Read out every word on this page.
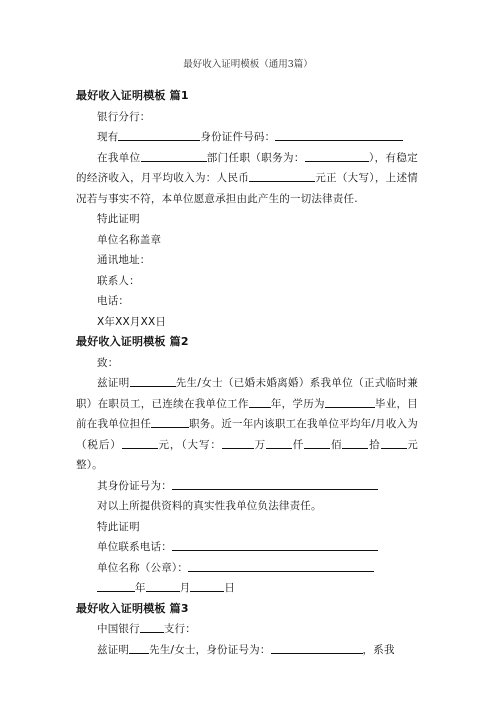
最好收入证明模板（通用3篇）
最好收入证明模板 篇1
银行分行：
现有	身份证件号码：
在我单位	部门任职（职务为：	），有稳定的经济收入，月平均收入为：人民币	元正（大写），上述情况若与事实不符，本单位愿意承担由此产生的一切法律责任.
特此证明
单位名称盖章
通讯地址：
联系人：
电话：
X年XX月XX日
最好收入证明模板 篇2
致：
兹证明	先生/女士（已婚未婚离婚）系我单位（正式临时兼职）在职员工，已连续在我单位工作 年，学历为	毕业，目前在我单位担任	职务。近一年内该职工在我单位平均年/月收入为（税后）	元，（大写：	万 仟 佰 拾 元整）。
其身份证号为：
对以上所提供资料的真实性我单位负法律责任。
特此证明
单位联系电话：
单位名称（公章）：
年	月	日
最好收入证明模板 篇3
中国银行 支行：
兹证明 先生/女士，身份证号为：	，系我
